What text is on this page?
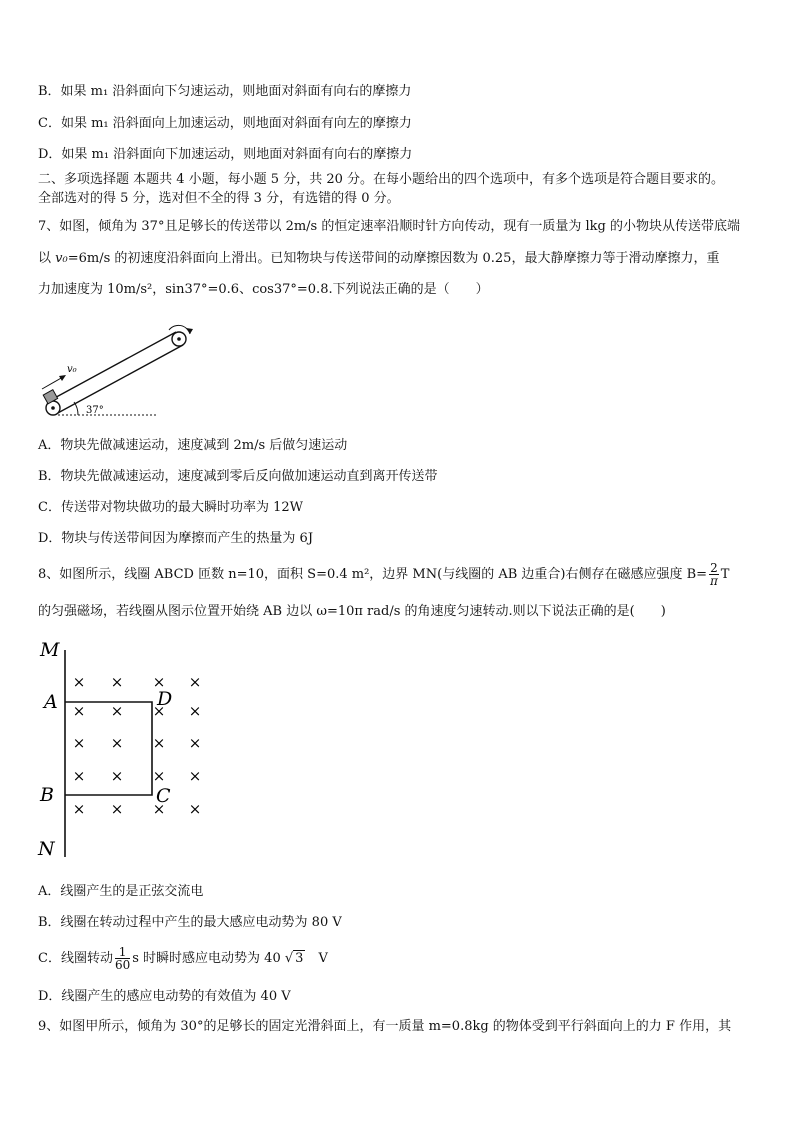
B．如果 m₁ 沿斜面向下匀速运动，则地面对斜面有向右的摩擦力
C．如果 m₁ 沿斜面向上加速运动，则地面对斜面有向左的摩擦力
D．如果 m₁ 沿斜面向下加速运动，则地面对斜面有向右的摩擦力
二、多项选择题 本题共 4 小题，每小题 5 分，共 20 分。在每小题给出的四个选项中，有多个选项是符合题目要求的。
全部选对的得 5 分，选对但不全的得 3 分，有选错的得 0 分。
7、如图，倾角为 37°且足够长的传送带以 2m/s 的恒定速率沿顺时针方向传动，现有一质量为 lkg 的小物块从传送带底端
以 v₀=6m/s 的初速度沿斜面向上滑出。已知物块与传送带间的动摩擦因数为 0.25，最大静摩擦力等于滑动摩擦力，重
力加速度为 10m/s²，sin37°=0.6、cos37°=0.8.下列说法正确的是（　　）
v₀
37°
A．物块先做减速运动，速度减到 2m/s 后做匀速运动
B．物块先做减速运动，速度减到零后反向做加速运动直到离开传送带
C．传送带对物块做功的最大瞬时功率为 12W
D．物块与传送带间因为摩擦而产生的热量为 6J
8、如图所示，线圈 ABCD 匝数 n=10，面积 S=0.4 m²，边界 MN(与线圈的 AB 边重合)右侧存在磁感应强度 $B= \frac{2}{\pi}$ T
的匀强磁场，若线圈从图示位置开始绕 AB 边以 ω=10π rad/s 的角速度匀速转动.则以下说法正确的是(　　)
M
A
B
N
D
C
× × × ×
× × × ×
× × × ×
× × × ×
× × × ×
A．线圈产生的是正弦交流电
B．线圈在转动过程中产生的最大感应电动势为 80 V
C．线圈转动 $\frac{1}{60}$ s 时瞬时感应电动势为 40 √ 3　 V
D．线圈产生的感应电动势的有效值为 40 V
9、如图甲所示，倾角为 30°的足够长的固定光滑斜面上，有一质量 m=0.8kg 的物体受到平行斜面向上的力 F 作用，其
